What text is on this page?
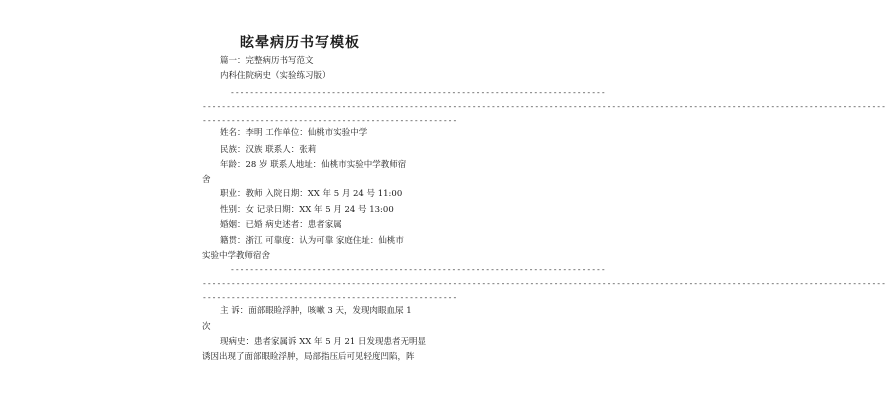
眩晕病历书写模板
篇一：完整病历书写范文
内科住院病史（实验练习版）
------------------------------------------------------------------------------
----------------------------------------------------------------------------------------------------------------------------------------------
-----------------------------------------------------
姓名：李明 工作单位：仙桃市实验中学
民族：汉族 联系人：张莉
年龄：28 岁 联系人地址：仙桃市实验中学教师宿
舍
职业：教师 入院日期：XX 年 5 月 24 号 11:00
性别：女 记录日期：XX 年 5 月 24 号 13:00
婚姻：已婚 病史述者：患者家属
籍贯：浙江 可靠度：认为可靠 家庭住址：仙桃市
实验中学教师宿舍
------------------------------------------------------------------------------
----------------------------------------------------------------------------------------------------------------------------------------------
-----------------------------------------------------
主 诉：面部眼睑浮肿，咳嗽 3 天，发现肉眼血尿 1
次
现病史：患者家属诉 XX 年 5 月 21 日发现患者无明显
诱因出现了面部眼睑浮肿，局部指压后可见轻度凹陷，阵
